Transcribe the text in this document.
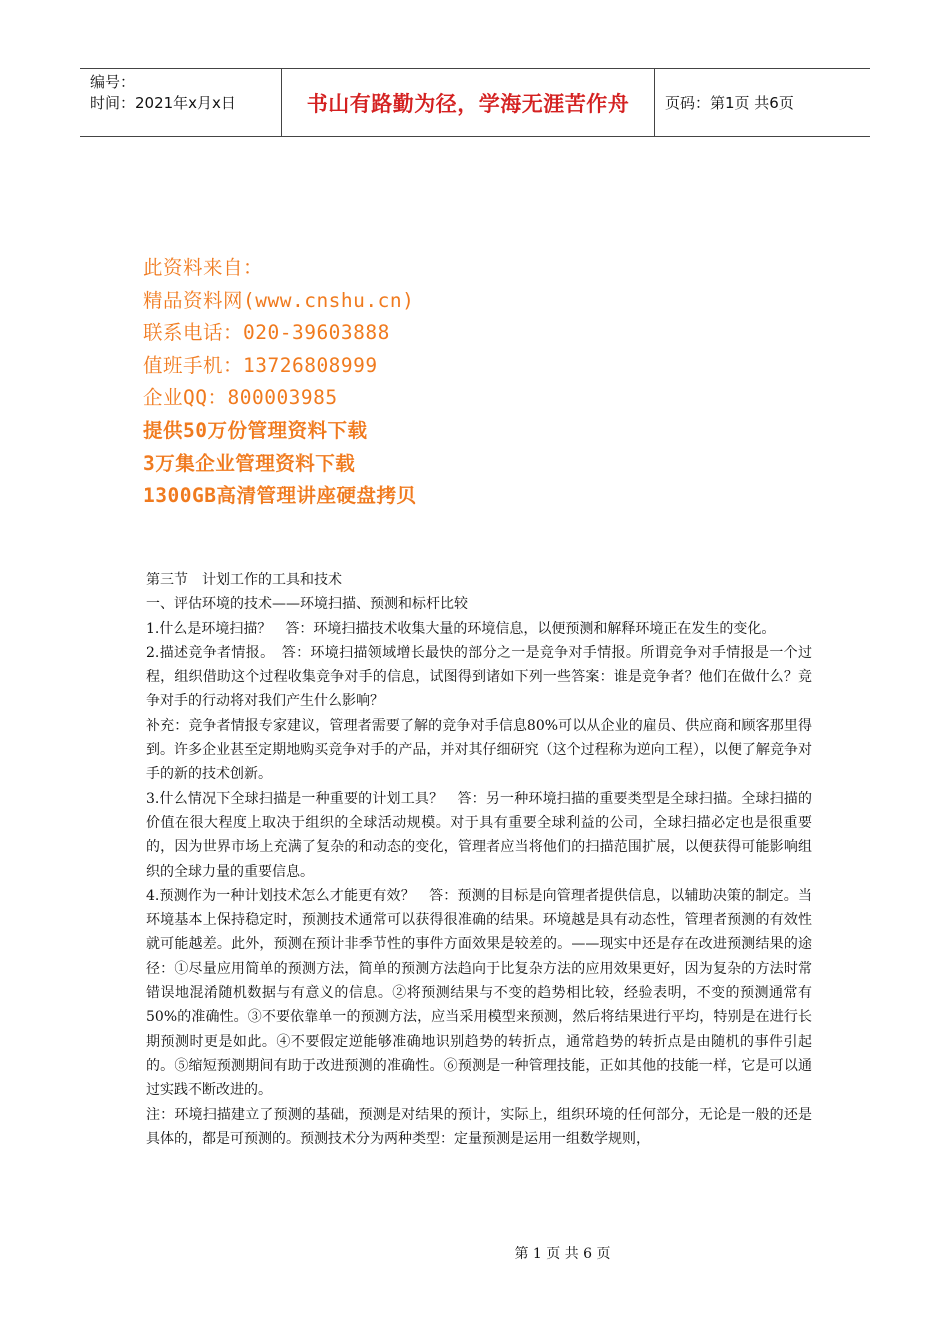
编号：
时间：2021年x月x日	书山有路勤为径，学海无涯苦作舟	页码：第1页 共6页
此资料来自：
精品资料网(www.cnshu.cn)
联系电话：020-39603888
值班手机：13726808999
企业QQ：800003985
提供50万份管理资料下载
3万集企业管理资料下载
1300GB高清管理讲座硬盘拷贝

第三节　计划工作的工具和技术

一、评估环境的技术——环境扫描、预测和标杆比较

1.什么是环境扫描？　答：环境扫描技术收集大量的环境信息，以便预测和解释环境正在发生的变化。

2.描述竞争者情报。　答：环境扫描领域增长最快的部分之一是竞争对手情报。所谓竞争对手情报是一个过程，组织借助这个过程收集竞争对手的信息，试图得到诸如下列一些答案：谁是竞争者？他们在做什么？竞争对手的行动将对我们产生什么影响？

补充：竞争者情报专家建议，管理者需要了解的竞争对手信息80%可以从企业的雇员、供应商和顾客那里得到。许多企业甚至定期地购买竞争对手的产品，并对其仔细研究（这个过程称为逆向工程），以便了解竞争对手的新的技术创新。

3.什么情况下全球扫描是一种重要的计划工具？　答：另一种环境扫描的重要类型是全球扫描。全球扫描的价值在很大程度上取决于组织的全球活动规模。对于具有重要全球利益的公司，全球扫描必定也是很重要的，因为世界市场上充满了复杂的和动态的变化，管理者应当将他们的扫描范围扩展，以便获得可能影响组织的全球力量的重要信息。

4.预测作为一种计划技术怎么才能更有效？　答：预测的目标是向管理者提供信息，以辅助决策的制定。当环境基本上保持稳定时，预测技术通常可以获得很准确的结果。环境越是具有动态性，管理者预测的有效性就可能越差。此外，预测在预计非季节性的事件方面效果是较差的。——现实中还是存在改进预测结果的途径：①尽量应用简单的预测方法，简单的预测方法趋向于比复杂方法的应用效果更好，因为复杂的方法时常错误地混淆随机数据与有意义的信息。②将预测结果与不变的趋势相比较，经验表明，不变的预测通常有50%的准确性。③不要依靠单一的预测方法，应当采用模型来预测，然后将结果进行平均，特别是在进行长期预测时更是如此。④不要假定逆能够准确地识别趋势的转折点，通常趋势的转折点是由随机的事件引起的。⑤缩短预测期间有助于改进预测的准确性。⑥预测是一种管理技能，正如其他的技能一样，它是可以通过实践不断改进的。

注：环境扫描建立了预测的基础，预测是对结果的预计，实际上，组织环境的任何部分，无论是一般的还是具体的，都是可预测的。预测技术分为两种类型：定量预测是运用一组数学规则，

第 1 页 共 6 页
